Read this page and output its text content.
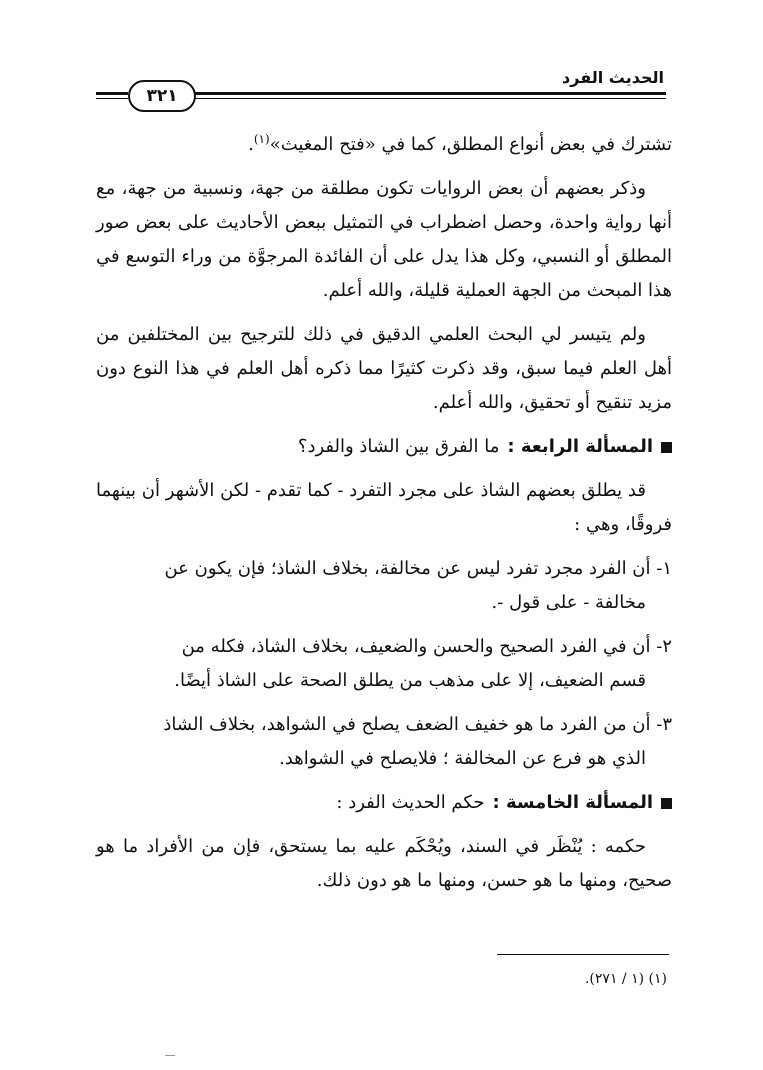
الحديث الفرد
٣٢١

تشترك في بعض أنواع المطلق، كما في «فتح المغيث»$^{(١)}$.

وذكر بعضهم أن بعض الروايات تكون مطلقة من جهة، ونسبية من جهة، مع أنها رواية واحدة، وحصل اضطراب في التمثيل ببعض الأحاديث على بعض صور المطلق أو النسبي، وكل هذا يدل على أن الفائدة المرجوَّة من وراء التوسع في هذا المبحث من الجهة العملية قليلة، والله أعلم.

ولم يتيسر لي البحث العلمي الدقيق في ذلك للترجيح بين المختلفين من أهل العلم فيما سبق، وقد ذكرت كثيرًا مما ذكره أهل العلم في هذا النوع دون مزيد تنقيح أو تحقيق، والله أعلم.

المسألة الرابعة :
ما الفرق بين الشاذ والفرد؟

قد يطلق بعضهم الشاذ على مجرد التفرد - كما تقدم - لكن الأشهر أن بينهما فروقًا، وهي :

١- أن الفرد مجرد تفرد ليس عن مخالفة، بخلاف الشاذ؛ فإن يكون عن
مخالفة - على قول -.
٢- أن في الفرد الصحيح والحسن والضعيف، بخلاف الشاذ، فكله من
قسم الضعيف، إلا على مذهب من يطلق الصحة على الشاذ أيضًا.
٣- أن من الفرد ما هو خفيف الضعف يصلح في الشواهد، بخلاف الشاذ
الذي هو فرع عن المخالفة ؛ فلايصلح في الشواهد.
المسألة الخامسة :
حكم الحديث الفرد :

حكمه : يُنْظَر في السند، ويُحْكَم عليه بما يستحق، فإن من الأفراد ما هو صحيح، ومنها ما هو حسن، ومنها ما هو دون ذلك.

(١) (١ / ٢٧١).
